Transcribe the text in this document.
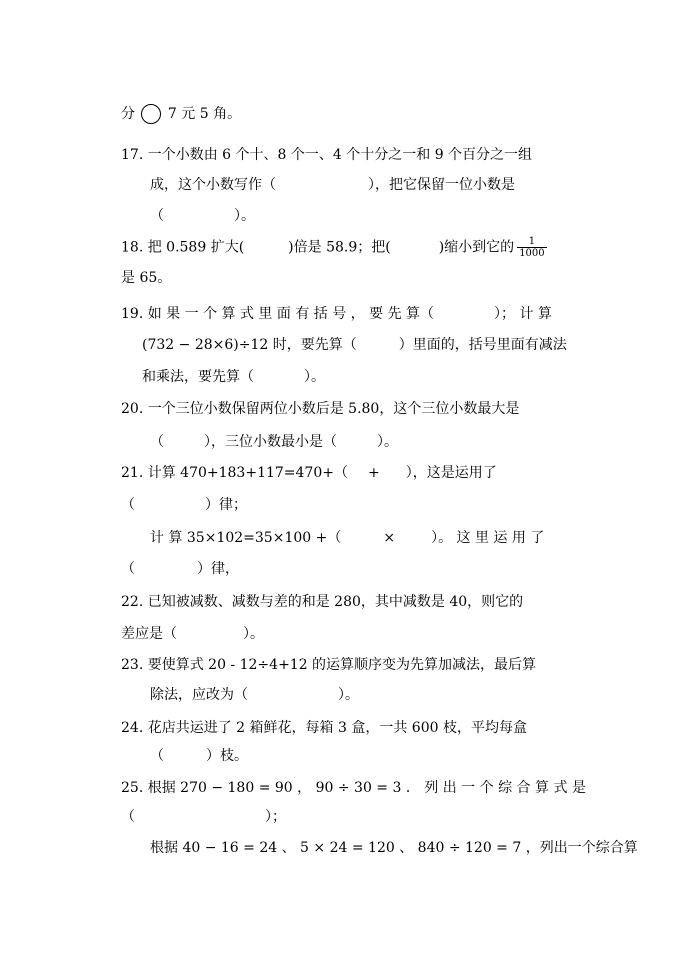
分 7 元 5 角。
17. 一个小数由 6 个十、8 个一、4 个十分之一和 9 个百分之一组
成，这个小数写作（	），把它保留一位小数是
（	）。
18. 把 0.589 扩大(	)倍是 58.9；把(	)缩小到它的 $\frac{1}{1000}$
是 65。
19. 如 果 一 个 算 式 里 面 有 括 号 ， 要 先 算（	）； 计 算
(732 − 28×6)÷12 时，要先算（	）里面的，括号里面有减法
和乘法，要先算（	）。
20. 一个三位小数保留两位小数后是 5.80，这个三位小数最大是
（	），三位小数最小是（	）。
21. 计算 470+183+117=470+（ + ），这是运用了
（	）律；
计 算 35×102=35×100 +（	×	）。 这 里 运 用 了
（	）律，
22. 已知被减数、减数与差的和是 280，其中减数是 40，则它的
差应是（	）。
23. 要使算式 20 - 12÷4+12 的运算顺序变为先算加减法，最后算
除法，应改为（	）。
24. 花店共运进了 2 箱鲜花，每箱 3 盒，一共 600 枝，平均每盒
（	）枝。
25. 根据 270 − 180 = 90 ， 90 ÷ 30 = 3 ． 列 出 一 个 综 合 算 式 是
（	）；
根据 40 − 16 = 24 、 5 × 24 = 120 、 840 ÷ 120 = 7 ，列出一个综合算
